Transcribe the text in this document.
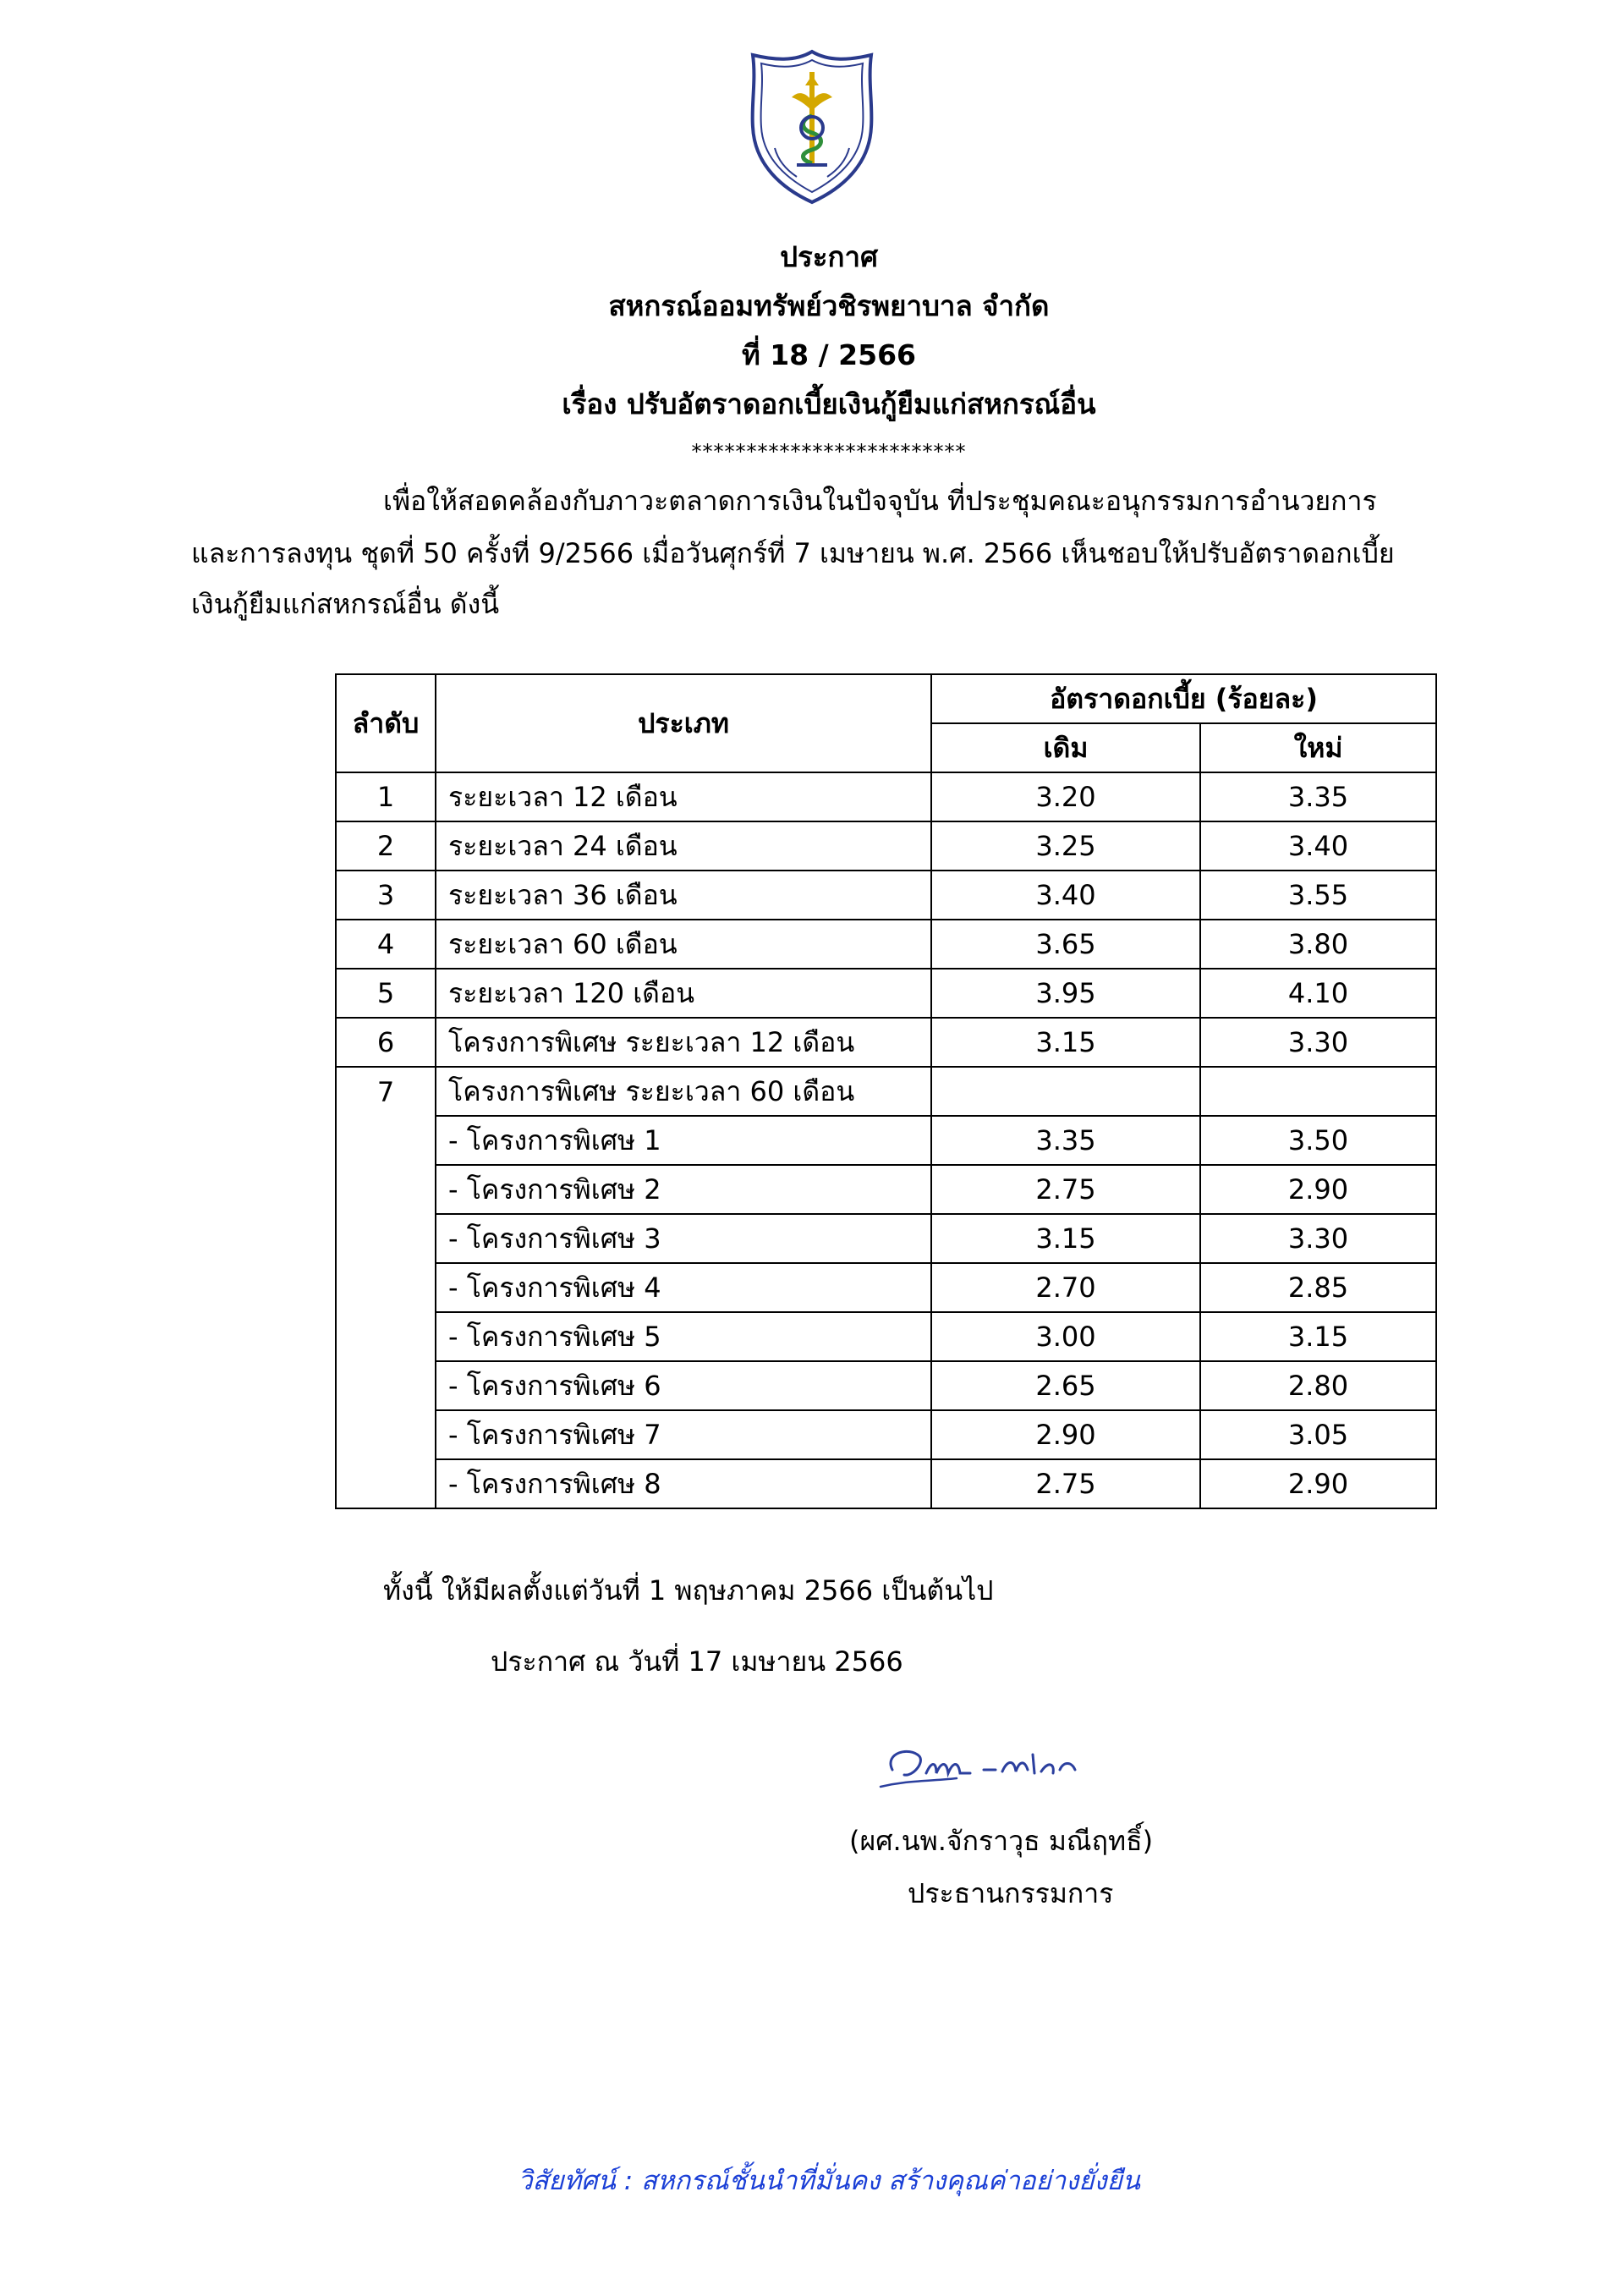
ประกาศ
สหกรณ์ออมทรัพย์วชิรพยาบาล จำกัด
ที่ 18 / 2566
เรื่อง ปรับอัตราดอกเบี้ยเงินกู้ยืมแก่สหกรณ์อื่น
*************************
เพื่อให้สอดคล้องกับภาวะตลาดการเงินในปัจจุบัน ที่ประชุมคณะอนุกรรมการอำนวยการ
และการลงทุน ชุดที่ 50 ครั้งที่ 9/2566 เมื่อวันศุกร์ที่ 7 เมษายน พ.ศ. 2566 เห็นชอบให้ปรับอัตราดอกเบี้ย
เงินกู้ยืมแก่สหกรณ์อื่น ดังนี้
ลำดับ	ประเภท	อัตราดอกเบี้ย (ร้อยละ)	
		เดิม	ใหม่
1	ระยะเวลา 12 เดือน	3.20	3.35
2	ระยะเวลา 24 เดือน	3.25	3.40
3	ระยะเวลา 36 เดือน	3.40	3.55
4	ระยะเวลา 60 เดือน	3.65	3.80
5	ระยะเวลา 120 เดือน	3.95	4.10
6	โครงการพิเศษ ระยะเวลา 12 เดือน	3.15	3.30
7	โครงการพิเศษ ระยะเวลา 60 เดือน		
	- โครงการพิเศษ 1	3.35	3.50
	- โครงการพิเศษ 2	2.75	2.90
	- โครงการพิเศษ 3	3.15	3.30
	- โครงการพิเศษ 4	2.70	2.85
	- โครงการพิเศษ 5	3.00	3.15
	- โครงการพิเศษ 6	2.65	2.80
	- โครงการพิเศษ 7	2.90	3.05
	- โครงการพิเศษ 8	2.75	2.90
ทั้งนี้ ให้มีผลตั้งแต่วันที่ 1 พฤษภาคม 2566 เป็นต้นไป
ประกาศ ณ วันที่ 17 เมษายน 2566
(ผศ.นพ.จักราวุธ มณีฤทธิ์)
ประธานกรรมการ
วิสัยทัศน์ : สหกรณ์ชั้นนำที่มั่นคง สร้างคุณค่าอย่างยั่งยืน
